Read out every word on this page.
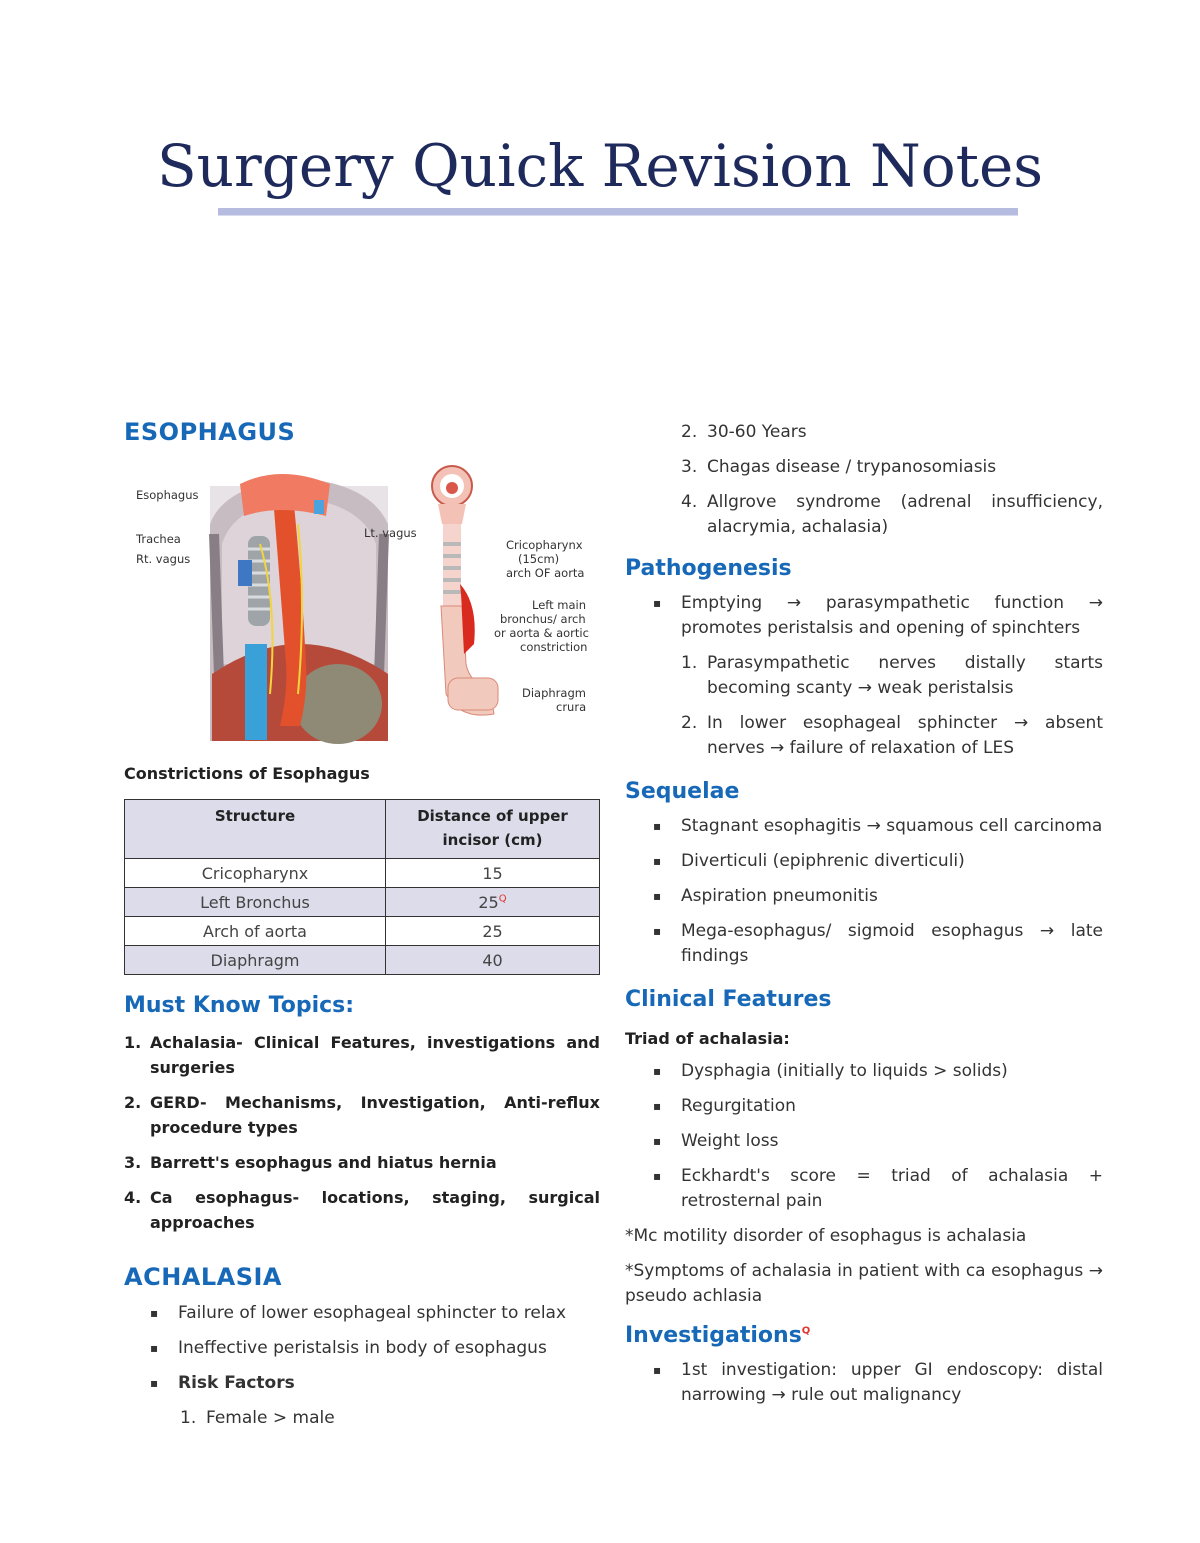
Surgery Quick Revision Notes
ESOPHAGUS
Esophagus
Trachea
Rt. vagus
Lt. vagus
Cricopharynx
(15cm)
arch OF aorta
Left main
bronchus/ arch
or aorta & aortic
constriction
Diaphragm
crura

Constrictions of Esophagus

Structure	Distance of upper incisor (cm)

Cricopharynx	15
Left Bronchus	$25^Q$
Arch of aorta	25
Diaphragm	40
Must Know Topics:
1. Achalasia- Clinical Features, investigations and surgeries
2. GERD- Mechanisms, Investigation, Anti-reflux procedure types
3. Barrett's esophagus and hiatus hernia
4. Ca esophagus- locations, staging, surgical approaches
ACHALASIA
▪ Failure of lower esophageal sphincter to relax
▪ Ineffective peristalsis in body of esophagus
▪ Risk Factors
1. Female > male
2. 30-60 Years
3. Chagas disease / trypanosomiasis
4. Allgrove syndrome (adrenal insufficiency, alacrymia, achalasia)
Pathogenesis
▪ Emptying → parasympathetic function → promotes peristalsis and opening of spinchters
1. Parasympathetic nerves distally starts becoming scanty → weak peristalsis
2. In lower esophageal sphincter → absent nerves → failure of relaxation of LES
Sequelae
▪ Stagnant esophagitis → squamous cell carcinoma
▪ Diverticuli (epiphrenic diverticuli)
▪ Aspiration pneumonitis
▪ Mega-esophagus/ sigmoid esophagus → late findings
Clinical Features

Triad of achalasia:

▪ Dysphagia (initially to liquids > solids)
▪ Regurgitation
▪ Weight loss
▪ Eckhardt's score = triad of achalasia + retrosternal pain

*Mc motility disorder of esophagus is achalasia

*Symptoms of achalasia in patient with ca esophagus → pseudo achlasia

Investigations$^Q$
▪ 1st investigation: upper GI endoscopy: distal narrowing → rule out malignancy
